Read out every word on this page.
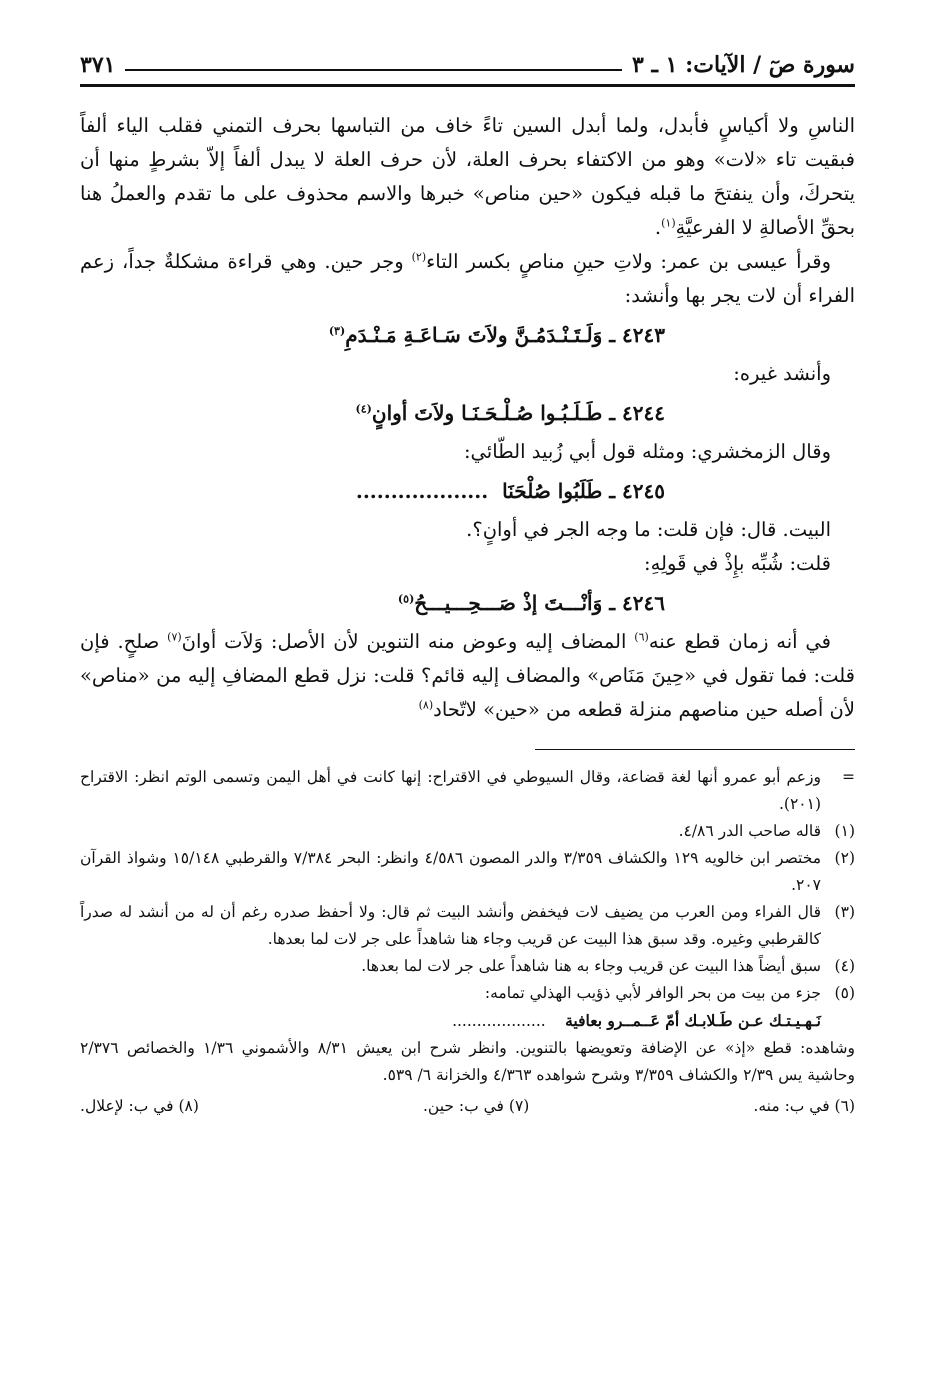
سورة صٓ / الآيات: ١ ـ ٣
٣٧١

الناسِ ولا أكياسٍ فأبدل، ولما أبدل السين تاءً خاف من التباسها بحرف التمني فقلب الياء ألفاً فبقيت تاء «لات» وهو من الاكتفاء بحرف العلة، لأن حرف العلة لا يبدل ألفاً إلاّ بشرطٍ منها أن يتحركَ، وأن ينفتحَ ما قبله فيكون «حين مناص» خبرها والاسم محذوف على ما تقدم والعملُ هنا بحقِّ الأصالةِ لا الفرعيَّةِ$^{(١)}$.

وقرأ عيسى بن عمر: ولاتِ حينِ مناصٍ بكسر التاء$^{(٢)}$ وجر حين. وهي قراءة مشكلةٌ جداً، زعم الفراء أن لات يجر بها وأنشد:

٤٢٤٣ ـ وَلَـتَـنْـدَمُـنَّ ولاَتَ سَـاعَـةِ مَـنْـدَمِ$^{(٣)}$

وأنشد غيره:

٤٢٤٤ ـ طَـلَـبُـوا صُـلْـحَـنَـا ولاَتَ أوانٍ$^{(٤)}$

وقال الزمخشري: ومثله قول أبي زُبيد الطّائي:

٤٢٤٥ ـ طَلَبُوا صُلْحَنَا...................

البيت. قال: فإن قلت: ما وجه الجر في أوانٍ؟.

قلت: شُبِّه بإِذْ في قَولِهِ:

٤٢٤٦ ـ وَأنْـــتَ إذْ صَـــحِـــيـــحُ$^{(٥)}$

في أنه زمان قطع عنه$^{(٦)}$ المضاف إليه وعوض منه التنوين لأن الأصل: وَلاَت أوانَ$^{(٧)}$ صلحٍ. فإن قلت: فما تقول في «حِينَ مَنَاص» والمضاف إليه قائم؟ قلت: نزل قطع المضافِ إليه من «مناص» لأن أصله حين مناصهم منزلة قطعه من «حين» لاتّحاد$^{(٨)}$

=
وزعم أبو عمرو أنها لغة قضاعة، وقال السيوطي في الاقتراح: إنها كانت في أهل اليمن وتسمى الوتم انظر: الاقتراح (٢٠١).
(١)
قاله صاحب الدر ٤/٨٦.
(٢)
مختصر ابن خالويه ١٢٩ والكشاف ٣/٣٥٩ والدر المصون ٤/٥٨٦ وانظر: البحر ٧/٣٨٤ والقرطبي ١٥/١٤٨ وشواذ القرآن ٢٠٧.
(٣)
قال الفراء ومن العرب من يضيف لات فيخفض وأنشد البيت ثم قال: ولا أحفظ صدره رغم أن له من أنشد له صدراً كالقرطبي وغيره. وقد سبق هذا البيت عن قريب وجاء هنا شاهداً على جر لات لما بعدها.
(٤)
سبق أيضاً هذا البيت عن قريب وجاء به هنا شاهداً على جر لات لما بعدها.
(٥)
جزء من بيت من بحر الوافر لأبي ذؤيب الهذلي تمامه:
نَـهـيـتـك عـن طَـلابـك أمّ عَــمــرو بعافية ...................
وشاهده: قطع «إذ» عن الإضافة وتعويضها بالتنوين. وانظر شرح ابن يعيش ٨/٣١ والأشموني ١/٣٦ والخصائص ٢/٣٧٦ وحاشية يس ٢/٣٩ والكشاف ٣/٣٥٩ وشرح شواهده ٤/٣٦٣ والخزانة ٦/ ٥٣٩.
(٦) في ب: منه.
(٧) في ب: حين.
(٨) في ب: لإعلال.
